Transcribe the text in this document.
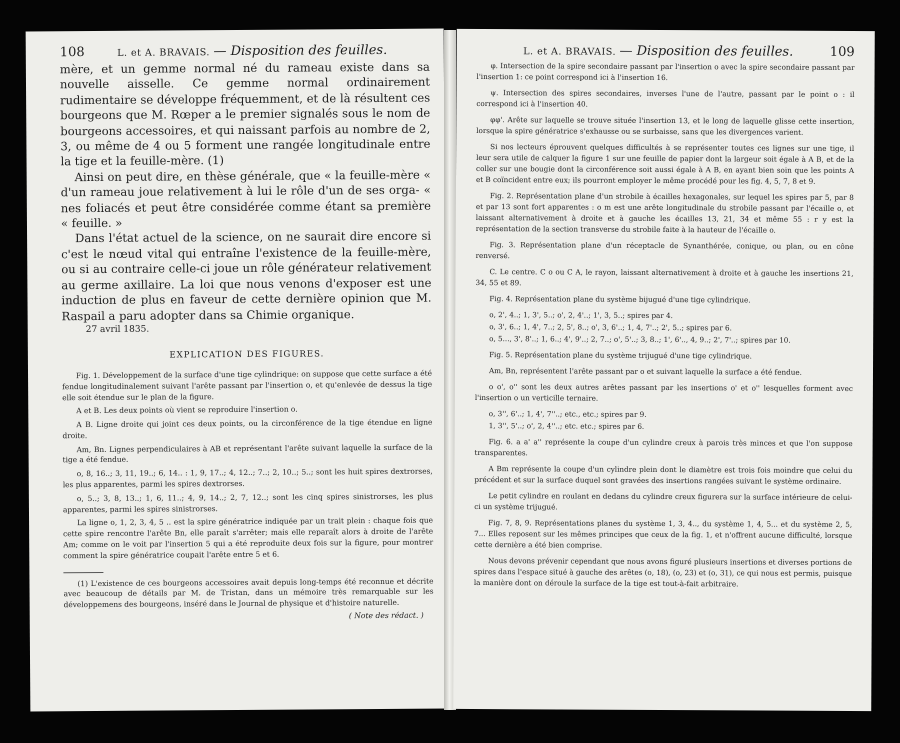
108	L. et A. BRAVAIS. — Disposition des feuilles.

mère, et un gemme normal né du rameau existe dans sa nouvelle aisselle. Ce gemme normal ordinairement rudimentaire se développe fréquemment, et de là résultent ces bourgeons que M. Rœper a le premier signalés sous le nom de bourgeons accessoires, et qui naissant parfois au nombre de 2, 3, ou même de 4 ou 5 forment une rangée longitudinale entre la tige et la feuille-mère. (1)

Ainsi on peut dire, en thèse générale, que « la feuille-mère « d'un rameau joue relativement à lui le rôle d'un de ses orga- « nes foliacés et peut être considérée comme étant sa première « feuille. »

Dans l'état actuel de la science, on ne saurait dire encore si c'est le nœud vital qui entraîne l'existence de la feuille-mère, ou si au contraire celle-ci joue un rôle générateur relativement au germe axillaire. La loi que nous venons d'exposer est une induction de plus en faveur de cette dernière opinion que M. Raspail a paru adopter dans sa Chimie organique.

27 avril 1835.
EXPLICATION DES FIGURES.

Fig. 1. Développement de la surface d'une tige cylindrique: on suppose que cette surface a été fendue longitudinalement suivant l'arête passant par l'insertion o, et qu'enlevée de dessus la tige elle soit étendue sur le plan de la figure.

A et B. Les deux points où vient se reproduire l'insertion o.

A B. Ligne droite qui joint ces deux points, ou la circonférence de la tige étendue en ligne droite.

Am, Bn. Lignes perpendiculaires à AB et représentant l'arête suivant laquelle la surface de la tige a été fendue.

o, 8, 16..; 3, 11, 19..; 6, 14.. : 1, 9, 17..; 4, 12..; 7..; 2, 10..; 5..; sont les huit spires dextrorses, les plus apparentes, parmi les spires dextrorses.

o, 5..; 3, 8, 13..; 1, 6, 11..; 4, 9, 14..; 2, 7, 12..; sont les cinq spires sinistrorses, les plus apparentes, parmi les spires sinistrorses.

La ligne o, 1, 2, 3, 4, 5 .. est la spire génératrice indiquée par un trait plein : chaque fois que cette spire rencontre l'arête Bn, elle paraît s'arrêter; mais elle reparaît alors à droite de l'arête Am; comme on le voit par l'insertion 5 qui a été reproduite deux fois sur la figure, pour montrer comment la spire génératrice coupait l'arête entre 5 et 6.

(1) L'existence de ces bourgeons accessoires avait depuis long-temps été reconnue et décrite avec beaucoup de détails par M. de Tristan, dans un mémoire très remarquable sur les développemens des bourgeons, inséré dans le Journal de physique et d'histoire naturelle.

( Note des rédact. )
L. et A. BRAVAIS. — Disposition des feuilles.	109

φ. Intersection de la spire secondaire passant par l'insertion o avec la spire secondaire passant par l'insertion 1: ce point correspond ici à l'insertion 16.

ψ. Intersection des spires secondaires, inverses l'une de l'autre, passant par le point o : il correspond ici à l'insertion 40.

φφ'. Arête sur laquelle se trouve située l'insertion 13, et le long de laquelle glisse cette insertion, lorsque la spire génératrice s'exhausse ou se surbaisse, sans que les divergences varient.

Si nos lecteurs éprouvent quelques difficultés à se représenter toutes ces lignes sur une tige, il leur sera utile de calquer la figure 1 sur une feuille de papier dont la largeur soit égale à A B, et de la coller sur une bougie dont la circonférence soit aussi égale à A B, en ayant bien soin que les points A et B coïncident entre eux; ils pourront employer le même procédé pour les fig. 4, 5, 7, 8 et 9.

Fig. 2. Représentation plane d'un strobile à écailles hexagonales, sur lequel les spires par 5, par 8 et par 13 sont fort apparentes : o m est une arête longitudinale du strobile passant par l'écaille o, et laissant alternativement à droite et à gauche les écailles 13, 21, 34 et même 55 : r y est la représentation de la section transverse du strobile faite à la hauteur de l'écaille o.

Fig. 3. Représentation plane d'un réceptacle de Synanthérée, conique, ou plan, ou en cône renversé.

C. Le centre. C o ou C A, le rayon, laissant alternativement à droite et à gauche les insertions 21, 34, 55 et 89.

Fig. 4. Représentation plane du système bijugué d'une tige cylindrique.

o, 2', 4..; 1, 3', 5..; o', 2, 4'..; 1', 3, 5..; spires par 4.

o, 3', 6..; 1, 4', 7..; 2, 5', 8..; o', 3, 6'..; 1, 4, 7'..; 2', 5..; spires par 6.

o, 5..., 3', 8'..; 1, 6..; 4', 9'..; 2, 7..; o', 5'..; 3, 8..; 1', 6'.., 4, 9..; 2', 7'..; spires par 10.

Fig. 5. Représentation plane du système trijugué d'une tige cylindrique.

Am, Bn, représentent l'arête passant par o et suivant laquelle la surface a été fendue.

o o', o'' sont les deux autres arêtes passant par les insertions o' et o'' lesquelles forment avec l'insertion o un verticille ternaire.

o, 3'', 6'..; 1, 4', 7''..; etc., etc.; spires par 9.

1, 3'', 5'..; o', 2, 4''..; etc. etc.; spires par 6.

Fig. 6. a a' a'' représente la coupe d'un cylindre creux à parois très minces et que l'on suppose transparentes.

A Bm représente la coupe d'un cylindre plein dont le diamètre est trois fois moindre que celui du précédent et sur la surface duquel sont gravées des insertions rangées suivant le système ordinaire.

Le petit cylindre en roulant en dedans du cylindre creux figurera sur la surface intérieure de celui-ci un système trijugué.

Fig. 7, 8, 9. Représentations planes du système 1, 3, 4.., du système 1, 4, 5... et du système 2, 5, 7... Elles reposent sur les mêmes principes que ceux de la fig. 1, et n'offrent aucune difficulté, lorsque cette dernière a été bien comprise.

Nous devons prévenir cependant que nous avons figuré plusieurs insertions et diverses portions de spires dans l'espace situé à gauche des arêtes (o, 18), (o, 23) et (o, 31), ce qui nous est permis, puisque la manière dont on déroule la surface de la tige est tout-à-fait arbitraire.
